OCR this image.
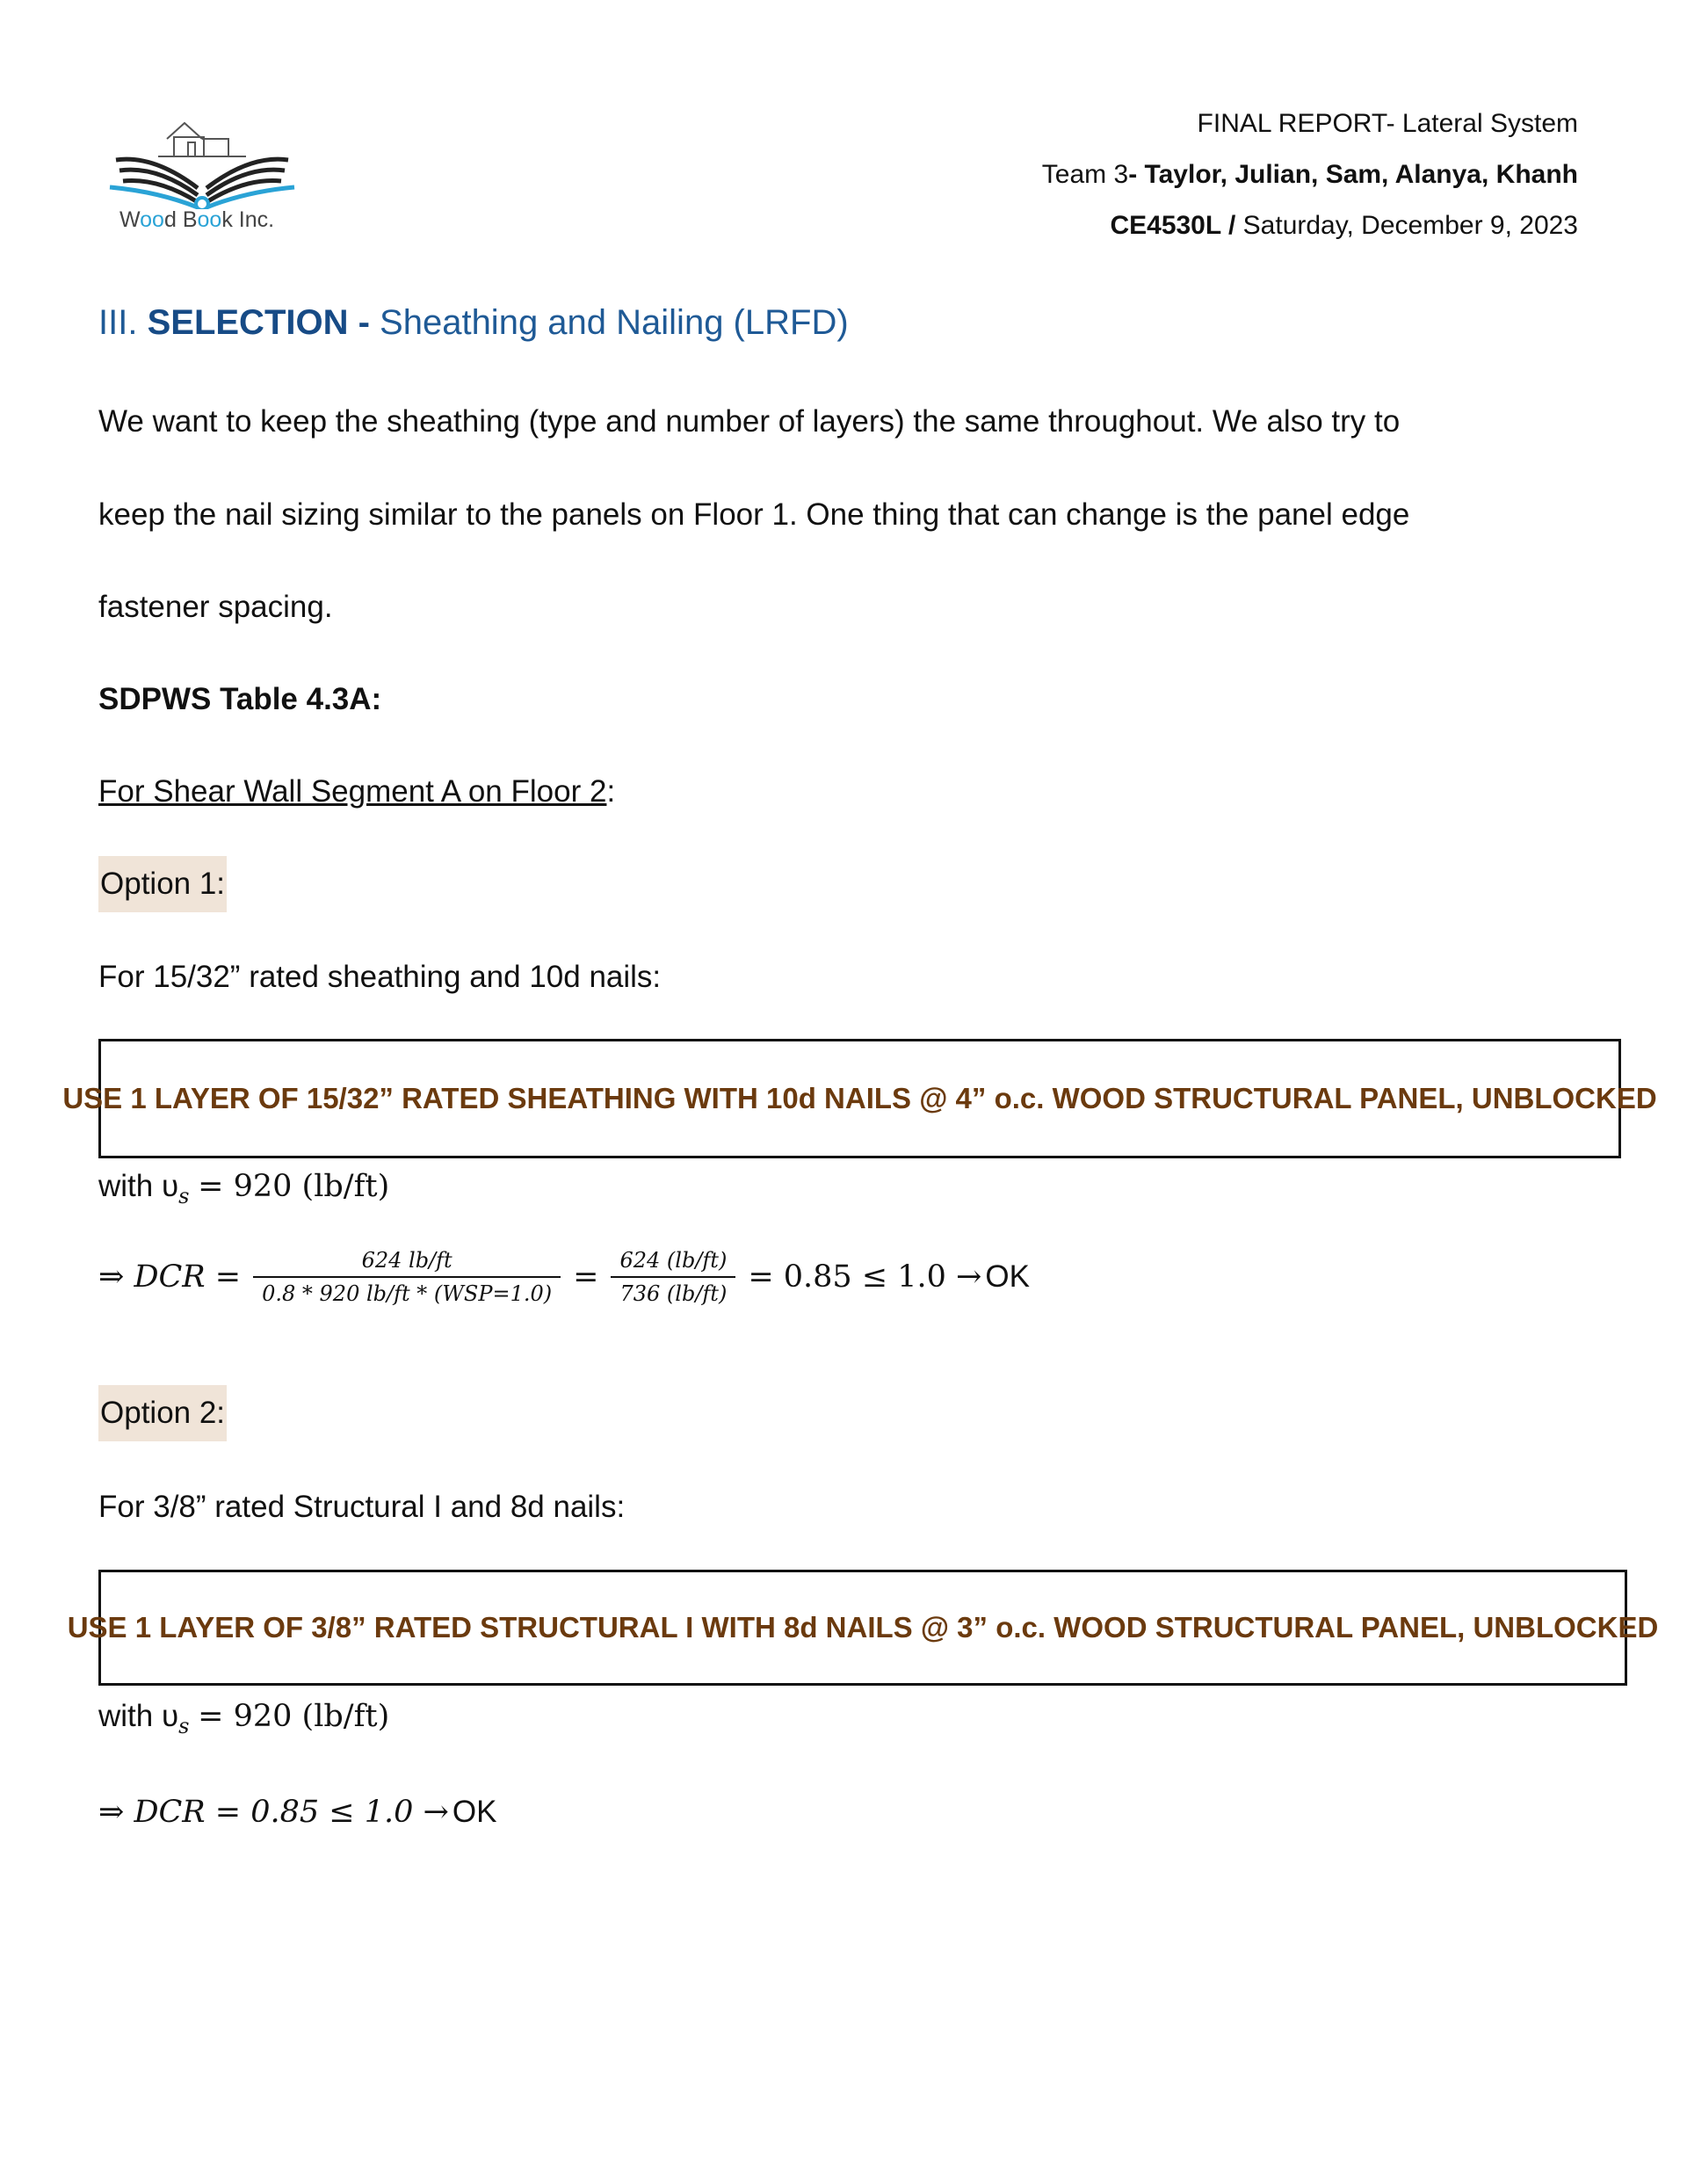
Wood Book Inc.
FINAL REPORT- Lateral System
Team 3- Taylor, Julian, Sam, Alanya, Khanh
CE4530L / Saturday, December 9, 2023
III. SELECTION - Sheathing and Nailing (LRFD)
We want to keep the sheathing (type and number of layers) the same throughout. We also try to
keep the nail sizing similar to the panels on Floor 1. One thing that can change is the panel edge
fastener spacing.
SDPWS Table 4.3A:
For Shear Wall Segment A on Floor 2:
Option 1:
For 15/32” rated sheathing and 10d nails:
USE 1 LAYER OF 15/32” RATED SHEATHING WITH 10d NAILS @ 4” o.c. WOOD STRUCTURAL PANEL, UNBLOCKED
with $\upsilon_s = 920$ (lb/ft)
⇒ DCR = $\frac{624 lb/ft}{\text{0.8 * 920 lb/ft * (WSP=1.0)}} = \frac{624 (lb/ft)}{736 (lb/ft)} = 0.85 \le 1.0$ → OK
Option 2:
For 3/8” rated Structural I and 8d nails:
USE 1 LAYER OF 3/8” RATED STRUCTURAL I WITH 8d NAILS @ 3” o.c. WOOD STRUCTURAL PANEL, UNBLOCKED
with $\upsilon_s = 920$ (lb/ft)
⇒ DCR = 0.85 ≤ 1.0 → OK
